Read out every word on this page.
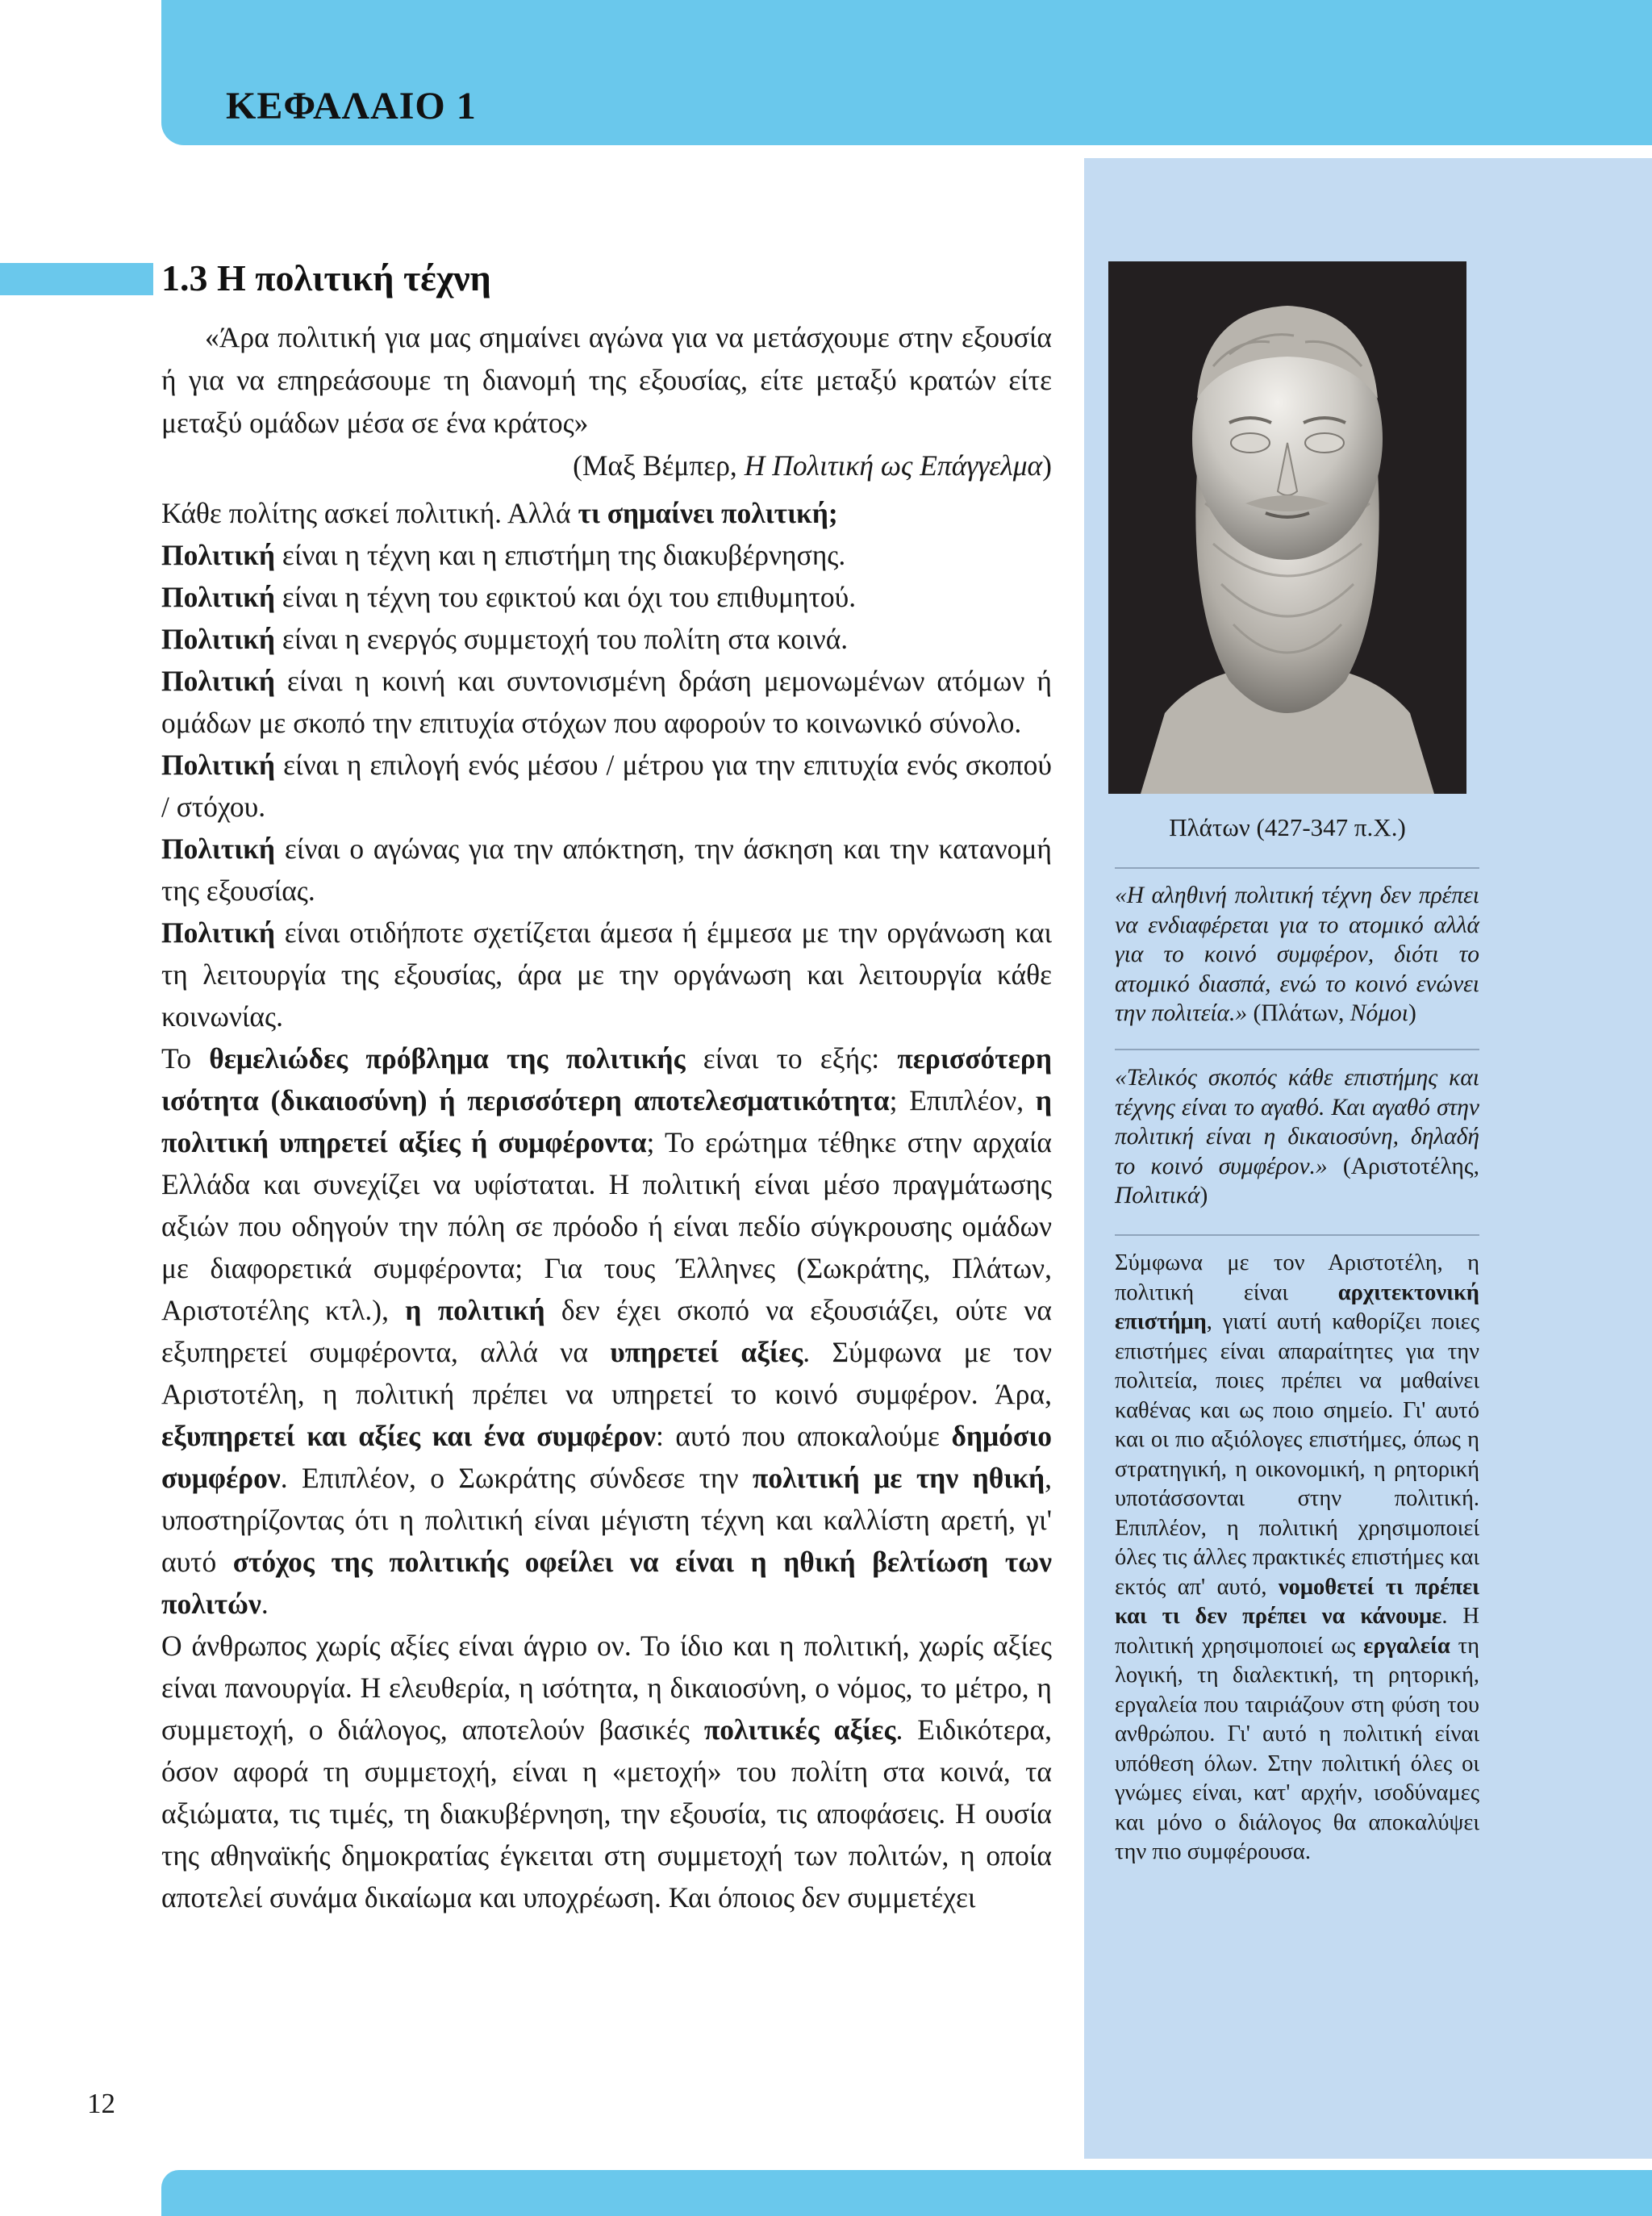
ΚΕΦΑΛΑΙΟ 1
1.3 Η πολιτική τέχνη

«Άρα πολιτική για μας σημαίνει αγώνα για να μετάσχουμε στην εξουσία ή για να επηρεάσουμε τη διανομή της εξουσίας, είτε μεταξύ κρατών είτε μεταξύ ομάδων μέσα σε ένα κράτος»

(Μαξ Βέμπερ, Η Πολιτική ως Επάγγελμα)

Κάθε πολίτης ασκεί πολιτική. Αλλά τι σημαίνει πολιτική;

Πολιτική είναι η τέχνη και η επιστήμη της διακυβέρνησης.

Πολιτική είναι η τέχνη του εφικτού και όχι του επιθυμητού.

Πολιτική είναι η ενεργός συμμετοχή του πολίτη στα κοινά.

Πολιτική είναι η κοινή και συντονισμένη δράση μεμονωμένων ατόμων ή ομάδων με σκοπό την επιτυχία στόχων που αφορούν το κοινωνικό σύνολο.

Πολιτική είναι η επιλογή ενός μέσου / μέτρου για την επιτυχία ενός σκοπού / στόχου.

Πολιτική είναι ο αγώνας για την απόκτηση, την άσκηση και την κατανομή της εξουσίας.

Πολιτική είναι οτιδήποτε σχετίζεται άμεσα ή έμμεσα με την οργάνωση και τη λειτουργία της εξουσίας, άρα με την οργάνωση και λειτουργία κάθε κοινωνίας.

Το θεμελιώδες πρόβλημα της πολιτικής είναι το εξής: περισσότερη ισότητα (δικαιοσύνη) ή περισσότερη αποτελεσματικότητα; Επιπλέον, η πολιτική υπηρετεί αξίες ή συμφέροντα; Το ερώτημα τέθηκε στην αρχαία Ελλάδα και συνεχίζει να υφίσταται. Η πολιτική είναι μέσο πραγμάτωσης αξιών που οδηγούν την πόλη σε πρόοδο ή είναι πεδίο σύγκρουσης ομάδων με διαφορετικά συμφέροντα; Για τους Έλληνες (Σωκράτης, Πλάτων, Αριστοτέλης κτλ.), η πολιτική δεν έχει σκοπό να εξουσιάζει, ούτε να εξυπηρετεί συμφέροντα, αλλά να υπηρετεί αξίες. Σύμφωνα με τον Αριστοτέλη, η πολιτική πρέπει να υπηρετεί το κοινό συμφέρον. Άρα, εξυπηρετεί και αξίες και ένα συμφέρον: αυτό που αποκαλούμε δημόσιο συμφέρον. Επιπλέον, ο Σωκράτης σύνδεσε την πολιτική με την ηθική, υποστηρίζοντας ότι η πολιτική είναι μέγιστη τέχνη και καλλίστη αρετή, γι' αυτό στόχος της πολιτικής οφείλει να είναι η ηθική βελτίωση των πολιτών.

Ο άνθρωπος χωρίς αξίες είναι άγριο ον. Το ίδιο και η πολιτική, χωρίς αξίες είναι πανουργία. Η ελευθερία, η ισότητα, η δικαιοσύνη, ο νόμος, το μέτρο, η συμμετοχή, ο διάλογος, αποτελούν βασικές πολιτικές αξίες. Ειδικότερα, όσον αφορά τη συμμετοχή, είναι η «μετοχή» του πολίτη στα κοινά, τα αξιώματα, τις τιμές, τη διακυβέρνηση, την εξουσία, τις αποφάσεις. Η ουσία της αθηναϊκής δημοκρατίας έγκειται στη συμμετοχή των πολιτών, η οποία αποτελεί συνάμα δικαίωμα και υποχρέωση. Και όποιος δεν συμμετέχει

Πλάτων (427-347 π.Χ.)
«Η αληθινή πολιτική τέχνη δεν πρέπει να ενδιαφέρεται για το ατομικό αλλά για το κοινό συμφέρον, διότι το ατομικό διασπά, ενώ το κοινό ενώνει την πολιτεία.» (Πλάτων, Νόμοι)
«Τελικός σκοπός κάθε επιστήμης και τέχνης είναι το αγαθό. Και αγαθό στην πολιτική είναι η δικαιοσύνη, δηλαδή το κοινό συμφέρον.» (Αριστοτέλης, Πολιτικά)
Σύμφωνα με τον Αριστοτέλη, η πολιτική είναι αρχιτεκτονική επιστήμη, γιατί αυτή καθορίζει ποιες επιστήμες είναι απαραίτητες για την πολιτεία, ποιες πρέπει να μαθαίνει καθένας και ως ποιο σημείο. Γι' αυτό και οι πιο αξιόλογες επιστήμες, όπως η στρατηγική, η οικονομική, η ρητορική υποτάσσονται στην πολιτική. Επιπλέον, η πολιτική χρησιμοποιεί όλες τις άλλες πρακτικές επιστήμες και εκτός απ' αυτό, νομοθετεί τι πρέπει και τι δεν πρέπει να κάνουμε. Η πολιτική χρησιμοποιεί ως εργαλεία τη λογική, τη διαλεκτική, τη ρητορική, εργαλεία που ταιριάζουν στη φύση του ανθρώπου. Γι' αυτό η πολιτική είναι υπόθεση όλων. Στην πολιτική όλες οι γνώμες είναι, κατ' αρχήν, ισοδύναμες και μόνο ο διάλογος θα αποκαλύψει την πιο συμφέρουσα.
12
